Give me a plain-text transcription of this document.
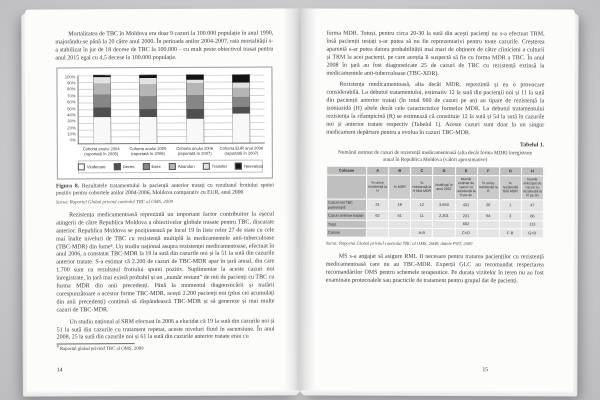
Mortalitatea de TBC în Moldova era doar 9 cazuri la 100.000 populație în anul 1990, majorându-se până la 20 către anul 2000. În perioada anilor 2004-2007, rata mortalității s-a stabilizat în jur de 18 decese de TBC la 100.000 – cu mult peste obiectivul trasat pentru anul 2015 egal cu 4,5 decese la 100.000 populație.

100%
90%
80%
70%
60%
50%
40%
30%
20%
10%
0%
Cohorta anului 2004
(raportată în 2005)
Cohorta anului 2005
(raportată în 2006)
Cohorta anului 2006
(raportată în 2007)
Cohorta EUR anul 2006
(raportată în 2007)
Vindecare	Deces	Eșec	Abandon	Transfer	Neevaluat
Figura 8. Rezultatele tratamentului la pacienții anterior tratați cu rezultatul frotiului sputei pozitiv pentru cohortele anilor 2004-2006, Moldova comparativ cu EUR, anul 2006
Sursa: Raportul Global privind controlul TBC al OMS, 2009

Rezistența medicamentoasă reprezintă un important factor contribuitor la eșecul atingerii de către Republica Moldova a obiectivelor globale trasate pentru TBC, discutate anterior. Republica Moldova se poziționează pe locul 19 în lista celor 27 de state cu cele mai înalte niveluri de TBC cu rezistență multiplă la medicamentele anti-tuberculoase (TBC-MDR) din lume⁸. Un studiu național asupra rezistenței medicamentoase, efectuat în anul 2006, a constatat TBC-MDR la 19 la sută din cazurile noi și la 51 la sută din cazurile anterior tratate. S-a estimat că 2.200 de cazuri de TBC-MDR apar în țară anual, din care 1.700 sunt cu rezultatul frotiului sputei pozitiv. Suplimentar la aceste cazuri noi înregistrate, în țară mai există probabil și un „număr restant” de mii de pacienți cu TBC cu forma MDR din anii precedenți. Până la momentul diagnosticării și tratării corespunzătoare a acestor forme TBC-MDR, acești 2.200 pacienți noi (plus cei acumulați din anii precedenți) continuă să răspândească TBC-MDR și să genereze și mai multe cazuri de TBC-MDR.

Un studiu național al SRM efectuat în 2006 a elucidat că 19 la sută din cazurile noi și 51 la sută din cazurile cu tratament repetat, aceste niveluri fiind în ascensiune. În anul 2008, 25 la sută din cazurile noi și 61 la sută din cazurile anterior tratate erau cu

$^8$ Raportul global privind TBC al OMS, 2009
14

forma MDR. Totuși, pentru circa 20-30 la sută din acești pacienți nu s-a efectuat TRM, însă pacienții testați s-ar putea să nu fie reprezentativi pentru toate cazurile. Creșterea aparentă s-ar putea datora probabilității mai mari de obținere de către clinicieni a culturii și TRM la acei pacienți, pe care aceștia îi suspectă să fie cu forma MDR a TBC. În anul 2008 în țară au fost diagnosticate 25 de cazuri de TBC cu rezistență extinsă la medicamentele anti-tuberculoase (TBC-XDR).

Rezistența medicamentoasă, alta decât MDR, reprezintă și ea o provocare considerabilă. La debutul tratamentului, estimativ 12 la sută din pacienții noi și 11 la sută din pacienții anterior tratați (în total 660 de cazuri pe an) au tipare de rezistență la izoniazidă (H) altele decât cele caracteristice formelor MDR. La debutul tratamentului rezistența la rifampicină (R) se estimează că constituie 12 la sută și 54 la sută în cazurile noi și anterior tratate respectiv (Tabelul 1). Aceste cazuri sunt doar la un singur medicament depărtare pentru a evolua în cazuri TBC-MDR.

Tabelul 1.
Numărul estimat de cazuri de rezistență medicamentoasă (alta decât forma MDR) înregistrate anual în Republica Moldova (valori aproximative)
Coloane	A	B	C	D	E	F	G	H
	% unice rezistență la H	% MDR	% rezistență la H fără MDR	Notificați în anul 2007	Număr estimat de cazuri cu rezistență la H pe an	% unice rezistență la R	% rezistență fără MDR	Număr anticipat de cazuri cu rezistență la R pe an
Cazuri noi TBC pulmonară	31	19	12	3,653	431	20	1	47
Cazuri anterior tratate	62	51	11	2,201	231	54	3	66
Total					662			113
Calcule			A-B		C×D		F-B	G×D
Sursa: Raportul Global privind controlul TBC al OMS, 2008; datele PNT, 2009

MS s-a angajat să asigure RML II necesare pentru tratarea pacienților cu rezistență medicamentoasă care nu au TBC-MDR. Experții GLC au recomandat respectarea recomandărilor OMS pentru schemele terapeutice. Pe durata vizitelor în teren nu au fost examinate protocoalele sau practicile de tratament pentru grupul dat de pacienți.

15
